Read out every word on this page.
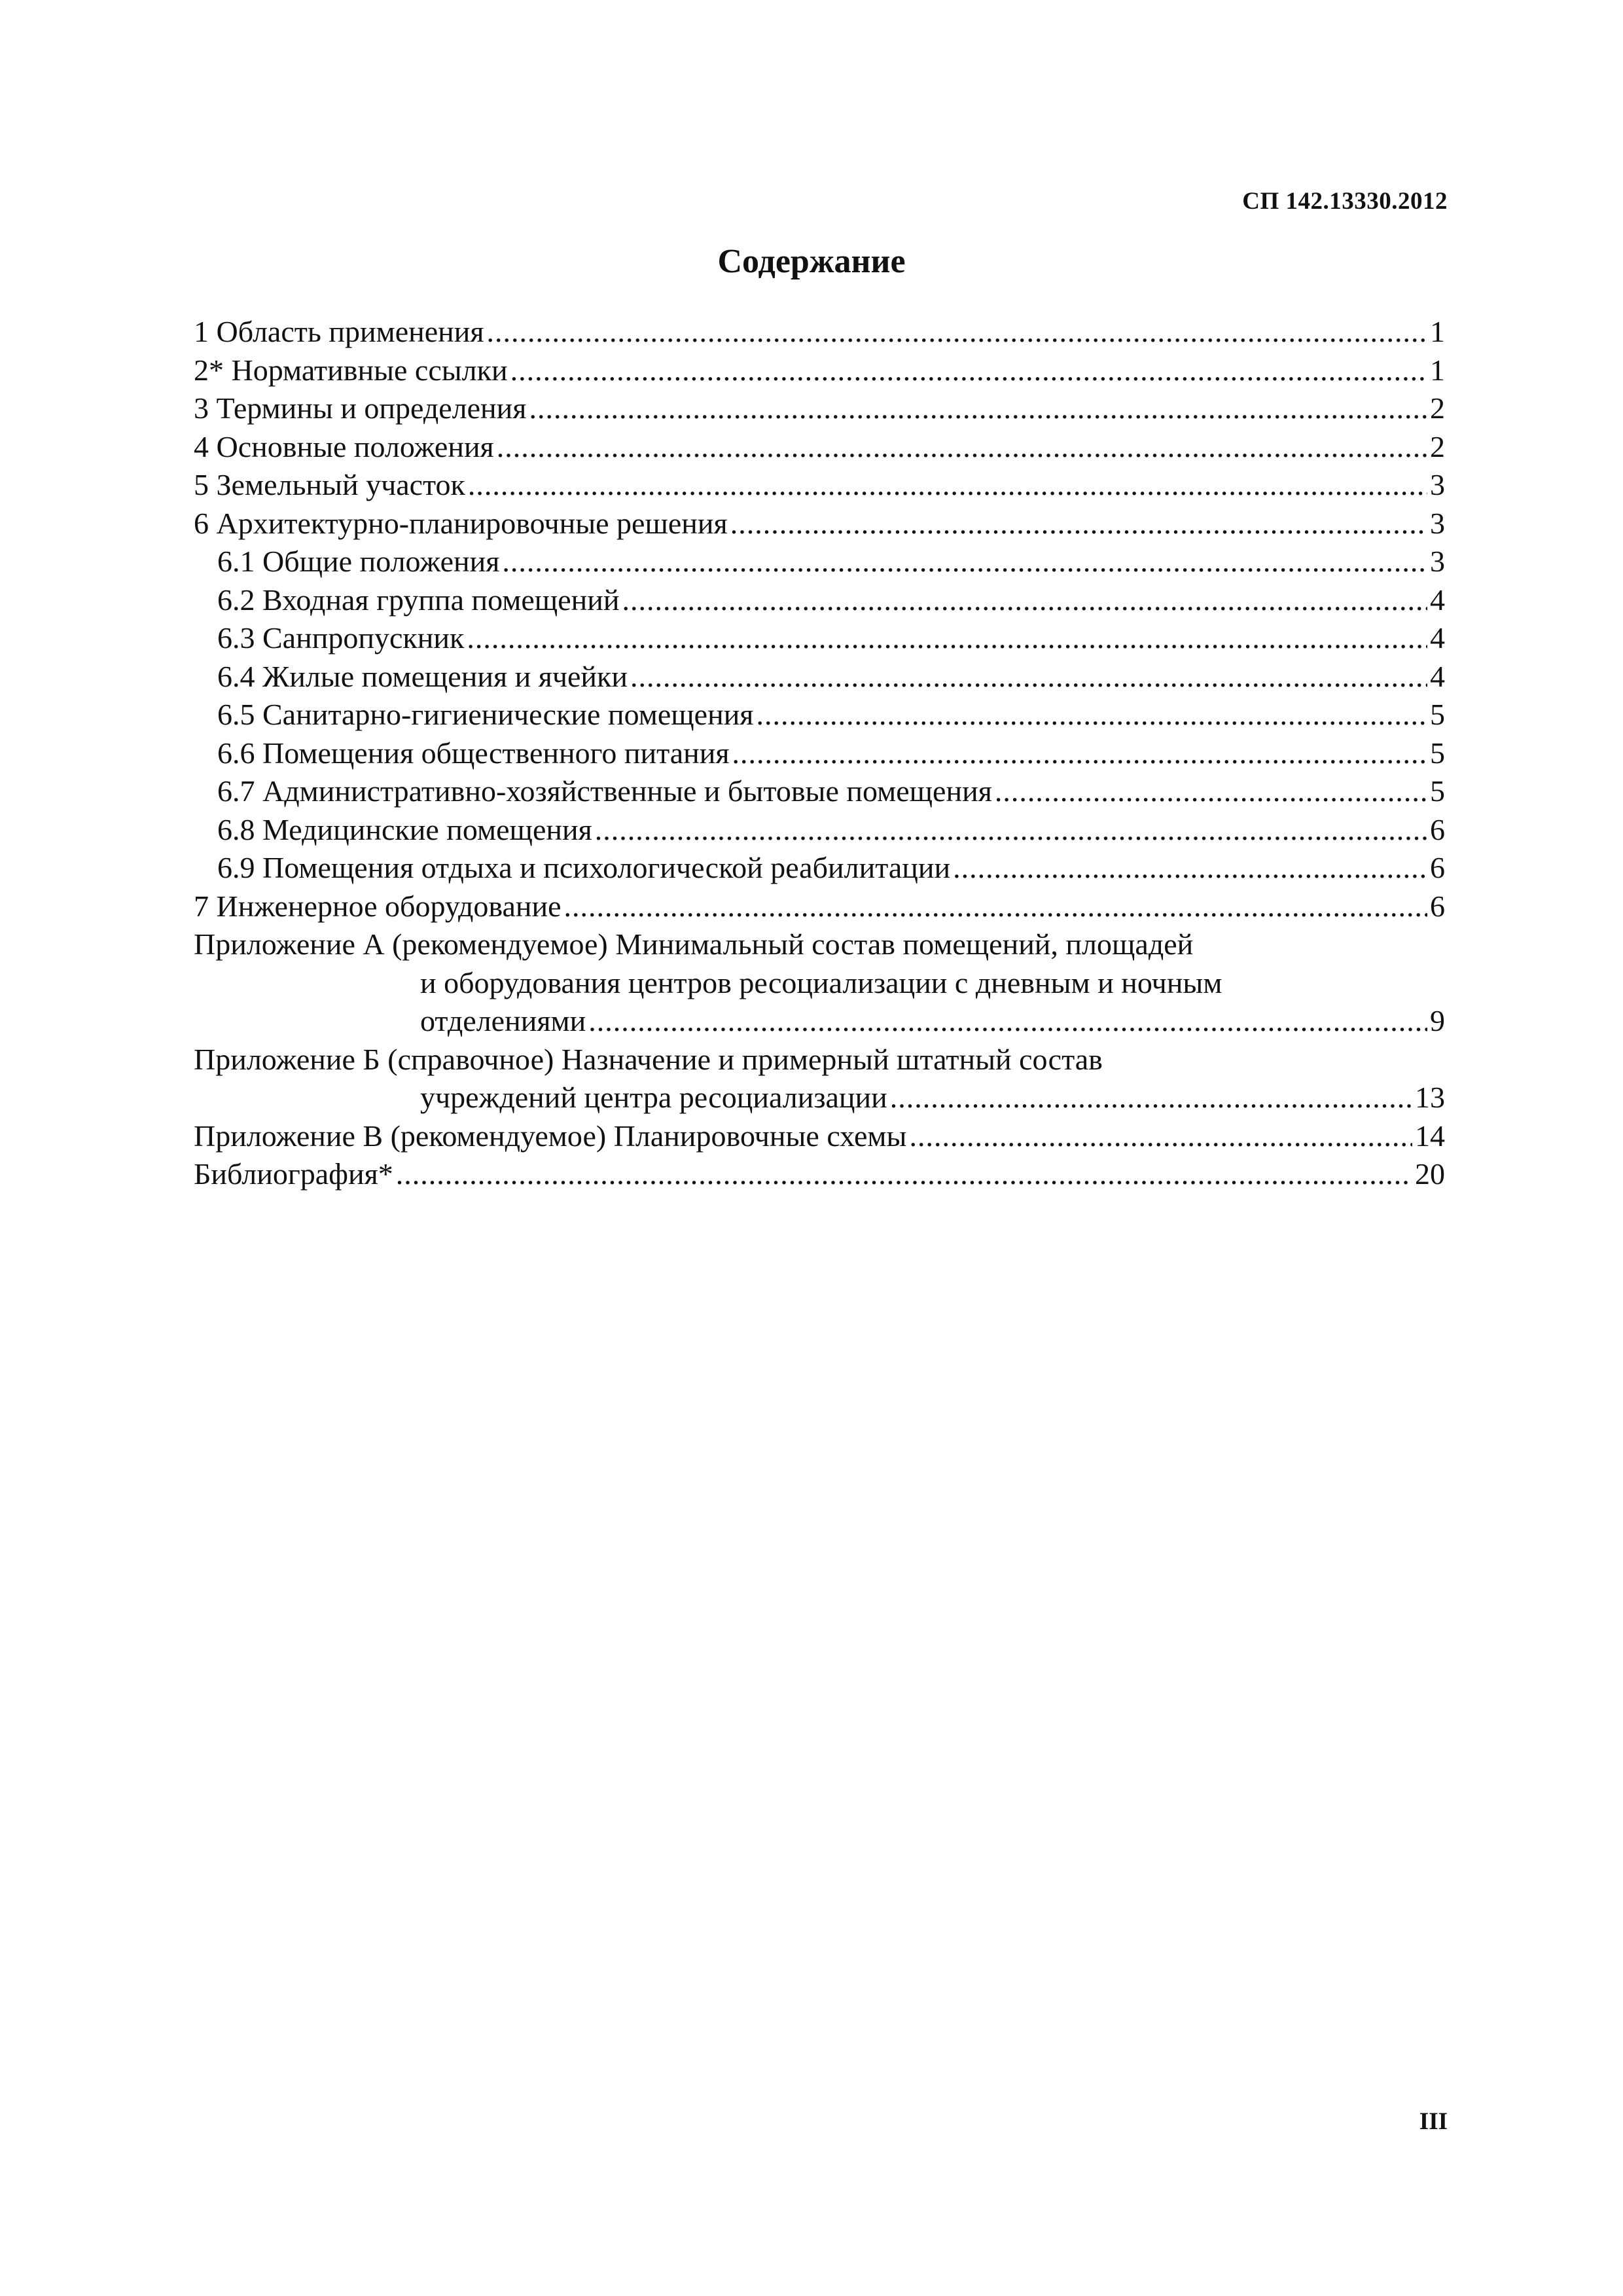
СП 142.13330.2012
Содержание
1 Область применения .....	1
2* Нормативные ссылки .....	1
3 Термины и определения .....	2
4 Основные положения .....	2
5 Земельный участок .....	3
6 Архитектурно-планировочные решения .....	3
6.1 Общие положения .....	3
6.2 Входная группа помещений .....	4
6.3 Санпропускник .....	4
6.4 Жилые помещения и ячейки .....	4
6.5 Санитарно-гигиенические помещения .....	5
6.6 Помещения общественного питания .....	5
6.7 Административно-хозяйственные и бытовые помещения .....	5
6.8 Медицинские помещения .....	6
6.9 Помещения отдыха и психологической реабилитации .....	6
7 Инженерное оборудование .....	6
Приложение А (рекомендуемое) Минимальный состав помещений, площадей
и оборудования центров ресоциализации с дневным и ночным
отделениями .....	9
Приложение Б (справочное) Назначение и примерный штатный состав
учреждений центра ресоциализации .....	13
Приложение В (рекомендуемое) Планировочные схемы .....	14
Библиография* .....	20
III
